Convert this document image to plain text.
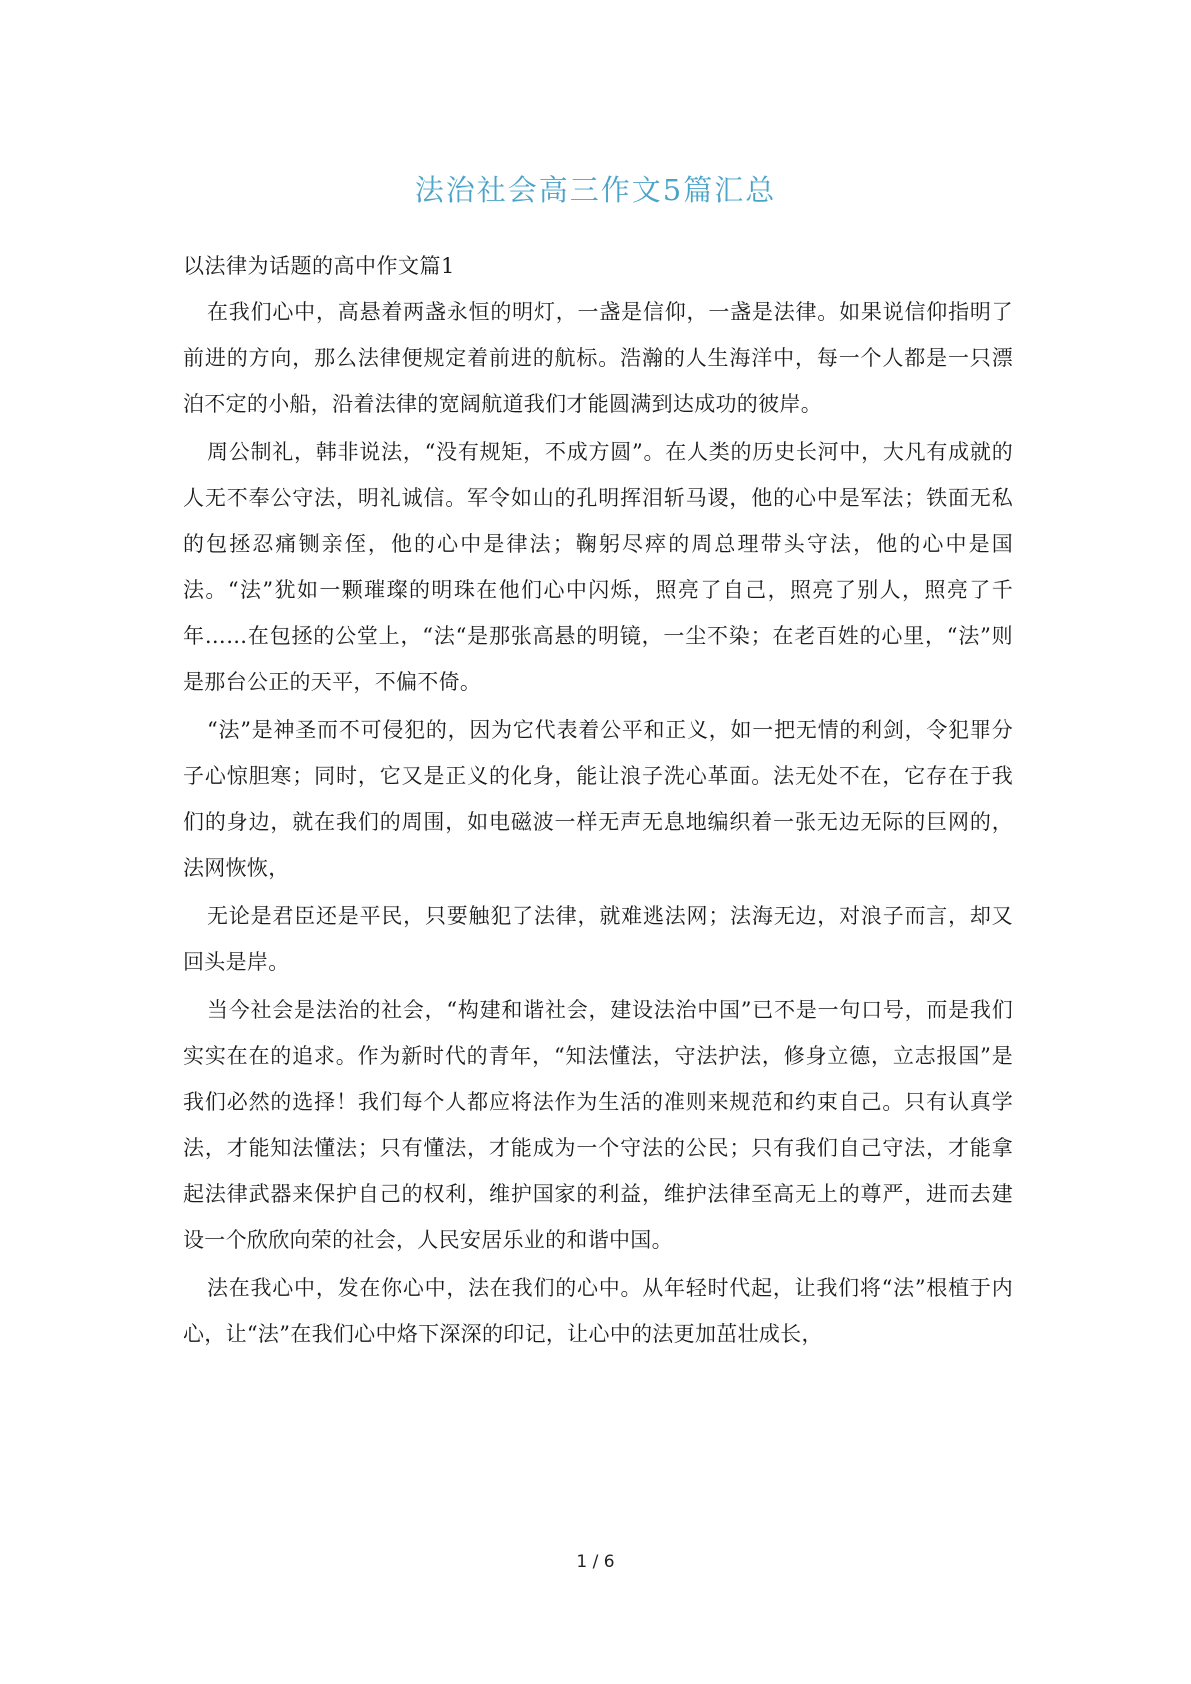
法治社会高三作文5篇汇总

以法律为话题的高中作文篇1

在我们心中，高悬着两盏永恒的明灯，一盏是信仰，一盏是法律。如果说信仰指明了前进的方向，那么法律便规定着前进的航标。浩瀚的人生海洋中，每一个人都是一只漂泊不定的小船，沿着法律的宽阔航道我们才能圆满到达成功的彼岸。

周公制礼，韩非说法，“没有规矩，不成方圆”。在人类的历史长河中，大凡有成就的人无不奉公守法，明礼诚信。军令如山的孔明挥泪斩马谡，他的心中是军法；铁面无私的包拯忍痛铡亲侄，他的心中是律法；鞠躬尽瘁的周总理带头守法，他的心中是国法。“法”犹如一颗璀璨的明珠在他们心中闪烁，照亮了自己，照亮了别人，照亮了千年……在包拯的公堂上，“法“是那张高悬的明镜，一尘不染；在老百姓的心里，“法”则是那台公正的天平，不偏不倚。

“法”是神圣而不可侵犯的，因为它代表着公平和正义，如一把无情的利剑，令犯罪分子心惊胆寒；同时，它又是正义的化身，能让浪子洗心革面。法无处不在，它存在于我们的身边，就在我们的周围，如电磁波一样无声无息地编织着一张无边无际的巨网的，法网恢恢，

无论是君臣还是平民，只要触犯了法律，就难逃法网；法海无边，对浪子而言，却又回头是岸。

当今社会是法治的社会，“构建和谐社会，建设法治中国”已不是一句口号，而是我们实实在在的追求。作为新时代的青年，“知法懂法，守法护法，修身立德，立志报国”是我们必然的选择！我们每个人都应将法作为生活的准则来规范和约束自己。只有认真学法，才能知法懂法；只有懂法，才能成为一个守法的公民；只有我们自己守法，才能拿起法律武器来保护自己的权利，维护国家的利益，维护法律至高无上的尊严，进而去建设一个欣欣向荣的社会，人民安居乐业的和谐中国。

法在我心中，发在你心中，法在我们的心中。从年轻时代起，让我们将“法”根植于内心，让“法”在我们心中烙下深深的印记，让心中的法更加茁壮成长，

1 / 6
